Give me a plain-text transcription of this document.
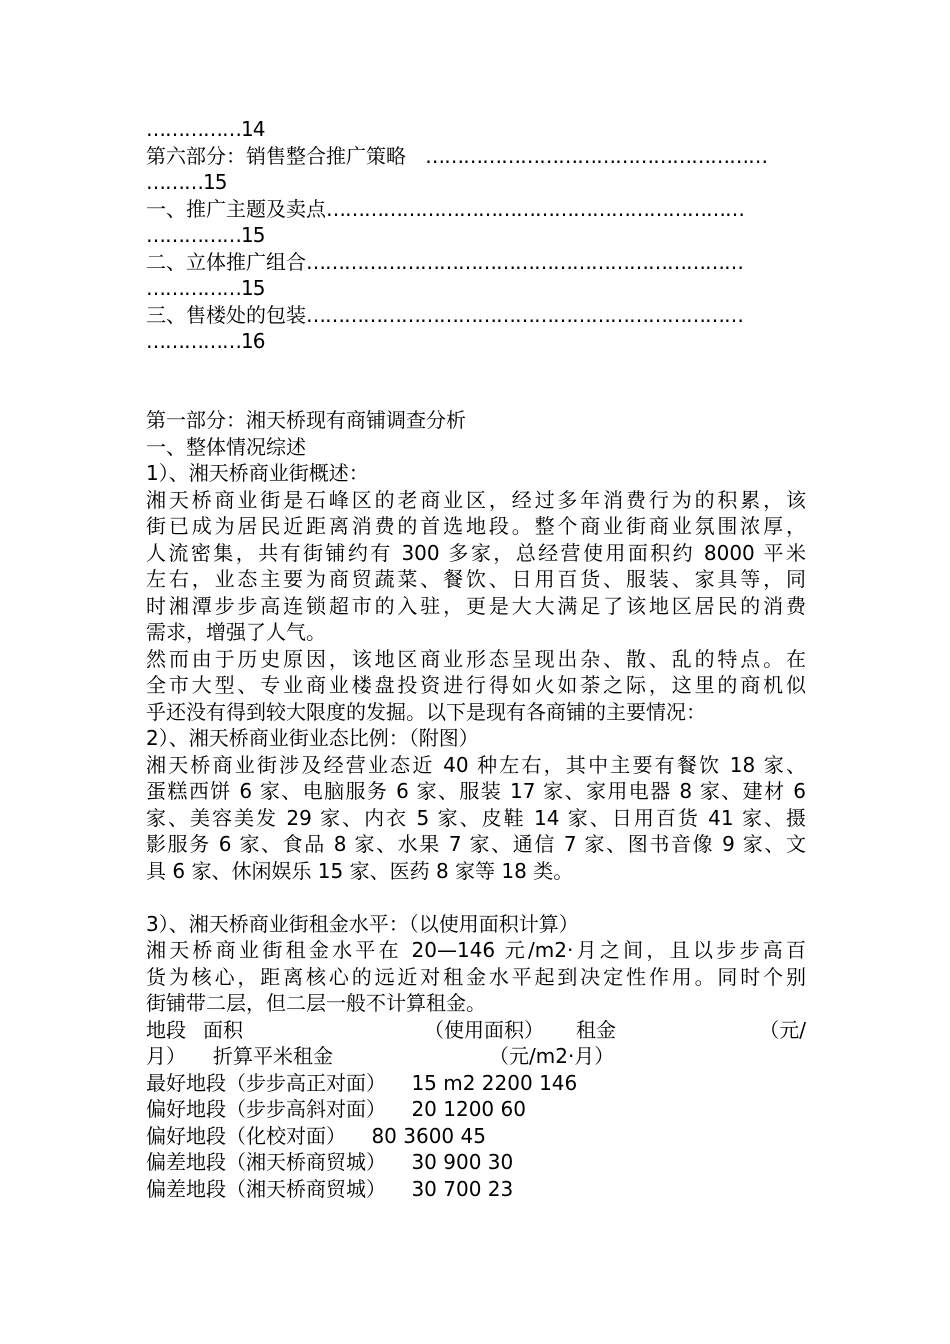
……………14
第六部分：销售整合推广策略 ………………………………………………
………15
一、推广主题及卖点…………………………………………………………
……………15
二、立体推广组合……………………………………………………………
……………15
三、售楼处的包装……………………………………………………………
……………16
第一部分：湘天桥现有商铺调查分析
一、整体情况综述
1）、湘天桥商业街概述：
湘天桥商业街是石峰区的老商业区，经过多年消费行为的积累，该
街已成为居民近距离消费的首选地段。整个商业街商业氛围浓厚，
人流密集，共有街铺约有 300 多家，总经营使用面积约 8000 平米
左右，业态主要为商贸蔬菜、餐饮、日用百货、服装、家具等，同
时湘潭步步高连锁超市的入驻，更是大大满足了该地区居民的消费
需求，增强了人气。
然而由于历史原因，该地区商业形态呈现出杂、散、乱的特点。在
全市大型、专业商业楼盘投资进行得如火如荼之际，这里的商机似
乎还没有得到较大限度的发掘。以下是现有各商铺的主要情况：
2）、湘天桥商业街业态比例：（附图）
湘天桥商业街涉及经营业态近 40 种左右，其中主要有餐饮 18 家、
蛋糕西饼 6 家、电脑服务 6 家、服装 17 家、家用电器 8 家、建材 6
家、美容美发 29 家、内衣 5 家、皮鞋 14 家、日用百货 41 家、摄
影服务 6 家、食品 8 家、水果 7 家、通信 7 家、图书音像 9 家、文
具 6 家、休闲娱乐 15 家、医药 8 家等 18 类。
3）、湘天桥商业街租金水平：（以使用面积计算）
湘天桥商业街租金水平在 20—146 元/m2·月之间，且以步步高百
货为核心，距离核心的远近对租金水平起到决定性作用。同时个别
街铺带二层，但二层一般不计算租金。
地段 面积	（使用面积） 租金	（元/
月） 折算平米租金	（元/m2·月）
最好地段（步步高正对面） 15 m2 2200 146
偏好地段（步步高斜对面） 20 1200 60
偏好地段（化校对面） 80 3600 45
偏差地段（湘天桥商贸城） 30 900 30
偏差地段（湘天桥商贸城） 30 700 23
